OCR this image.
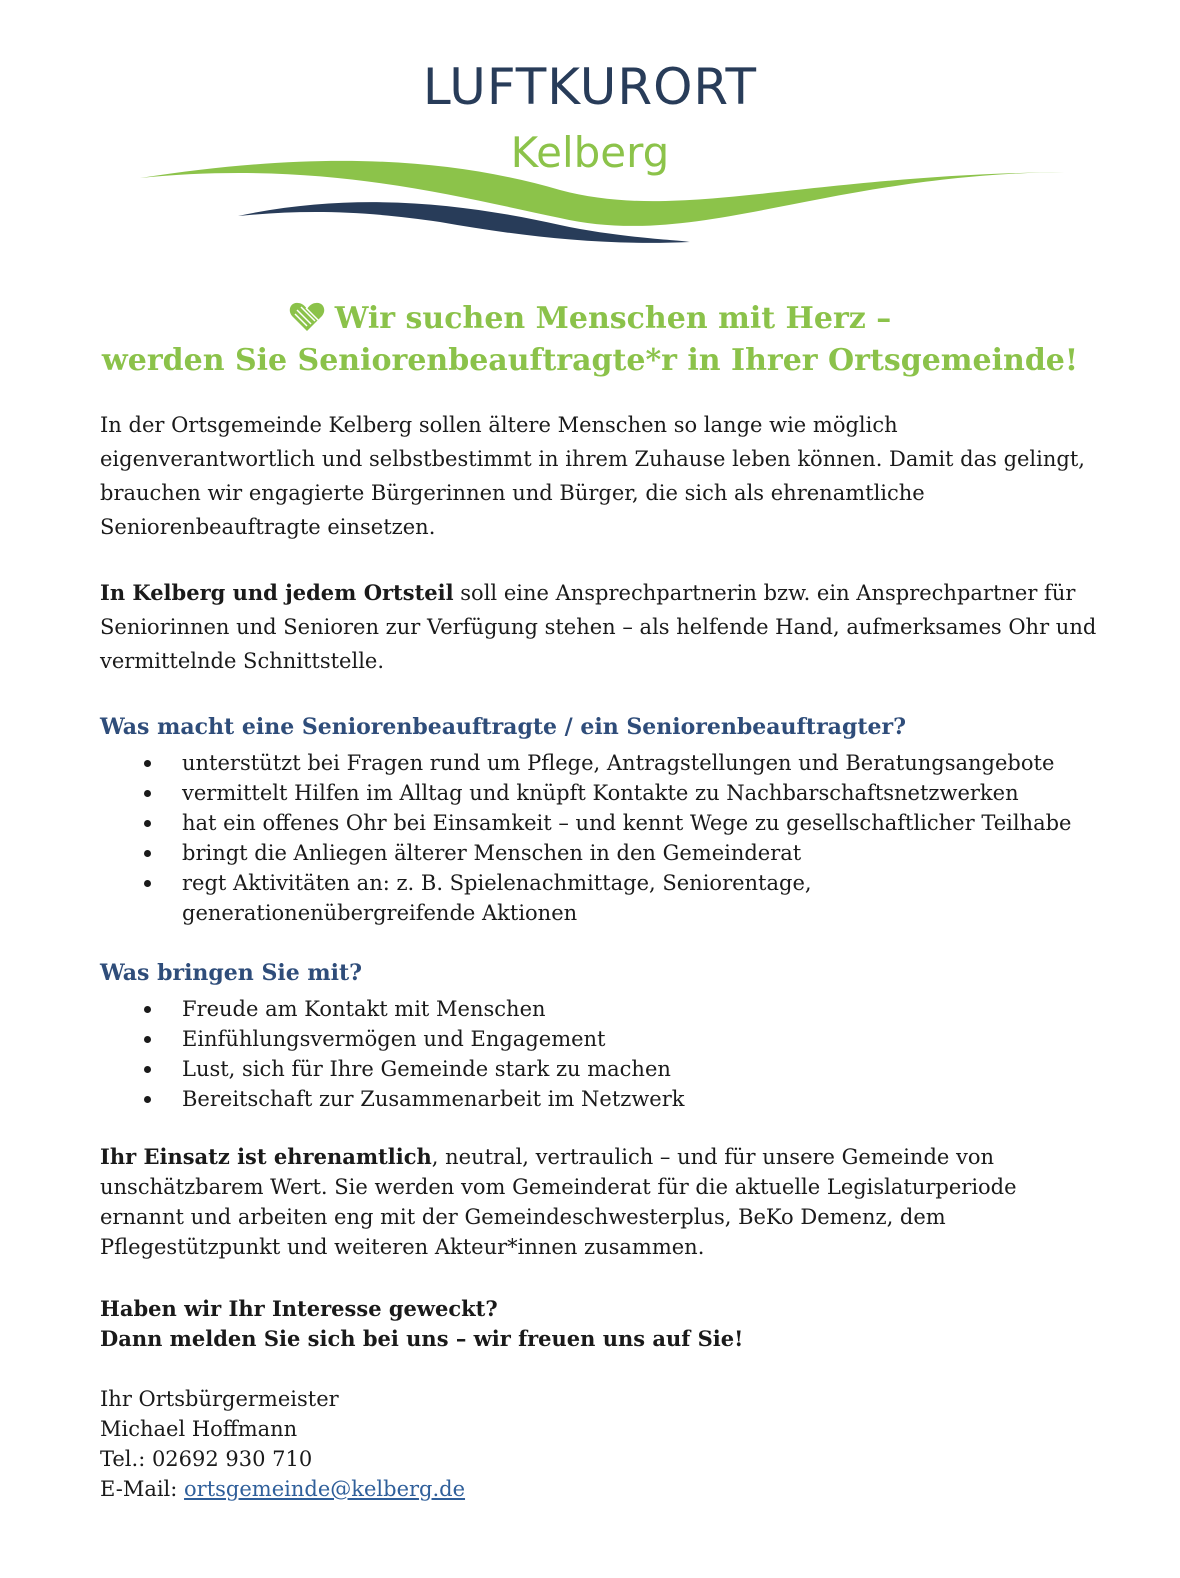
LUFTKURORT
Kelberg
Wir suchen Menschen mit Herz –
werden Sie Seniorenbeauftragte*r in Ihrer Ortsgemeinde!

In der Ortsgemeinde Kelberg sollen ältere Menschen so lange wie möglich eigenverantwortlich und selbstbestimmt in ihrem Zuhause leben können. Damit das gelingt, brauchen wir engagierte Bürgerinnen und Bürger, die sich als ehrenamtliche Seniorenbeauftragte einsetzen.

In Kelberg und jedem Ortsteil soll eine Ansprechpartnerin bzw. ein Ansprechpartner für Seniorinnen und Senioren zur Verfügung stehen – als helfende Hand, aufmerksames Ohr und vermittelnde Schnittstelle.

Was macht eine Seniorenbeauftragte / ein Seniorenbeauftragter?
unterstützt bei Fragen rund um Pflege, Antragstellungen und Beratungsangebote
vermittelt Hilfen im Alltag und knüpft Kontakte zu Nachbarschaftsnetzwerken
hat ein offenes Ohr bei Einsamkeit – und kennt Wege zu gesellschaftlicher Teilhabe
bringt die Anliegen älterer Menschen in den Gemeinderat
regt Aktivitäten an: z. B. Spielenachmittage, Seniorentage, generationenübergreifende Aktionen
Was bringen Sie mit?
Freude am Kontakt mit Menschen
Einfühlungsvermögen und Engagement
Lust, sich für Ihre Gemeinde stark zu machen
Bereitschaft zur Zusammenarbeit im Netzwerk

Ihr Einsatz ist ehrenamtlich, neutral, vertraulich – und für unsere Gemeinde von unschätzbarem Wert. Sie werden vom Gemeinderat für die aktuelle Legislaturperiode ernannt und arbeiten eng mit der Gemeindeschwesterplus, BeKo Demenz, dem Pflegestützpunkt und weiteren Akteur*innen zusammen.

Haben wir Ihr Interesse geweckt?
Dann melden Sie sich bei uns – wir freuen uns auf Sie!
Ihr Ortsbürgermeister
Michael Hoffmann
Tel.: 02692 930 710
E-Mail: ortsgemeinde@kelberg.de
